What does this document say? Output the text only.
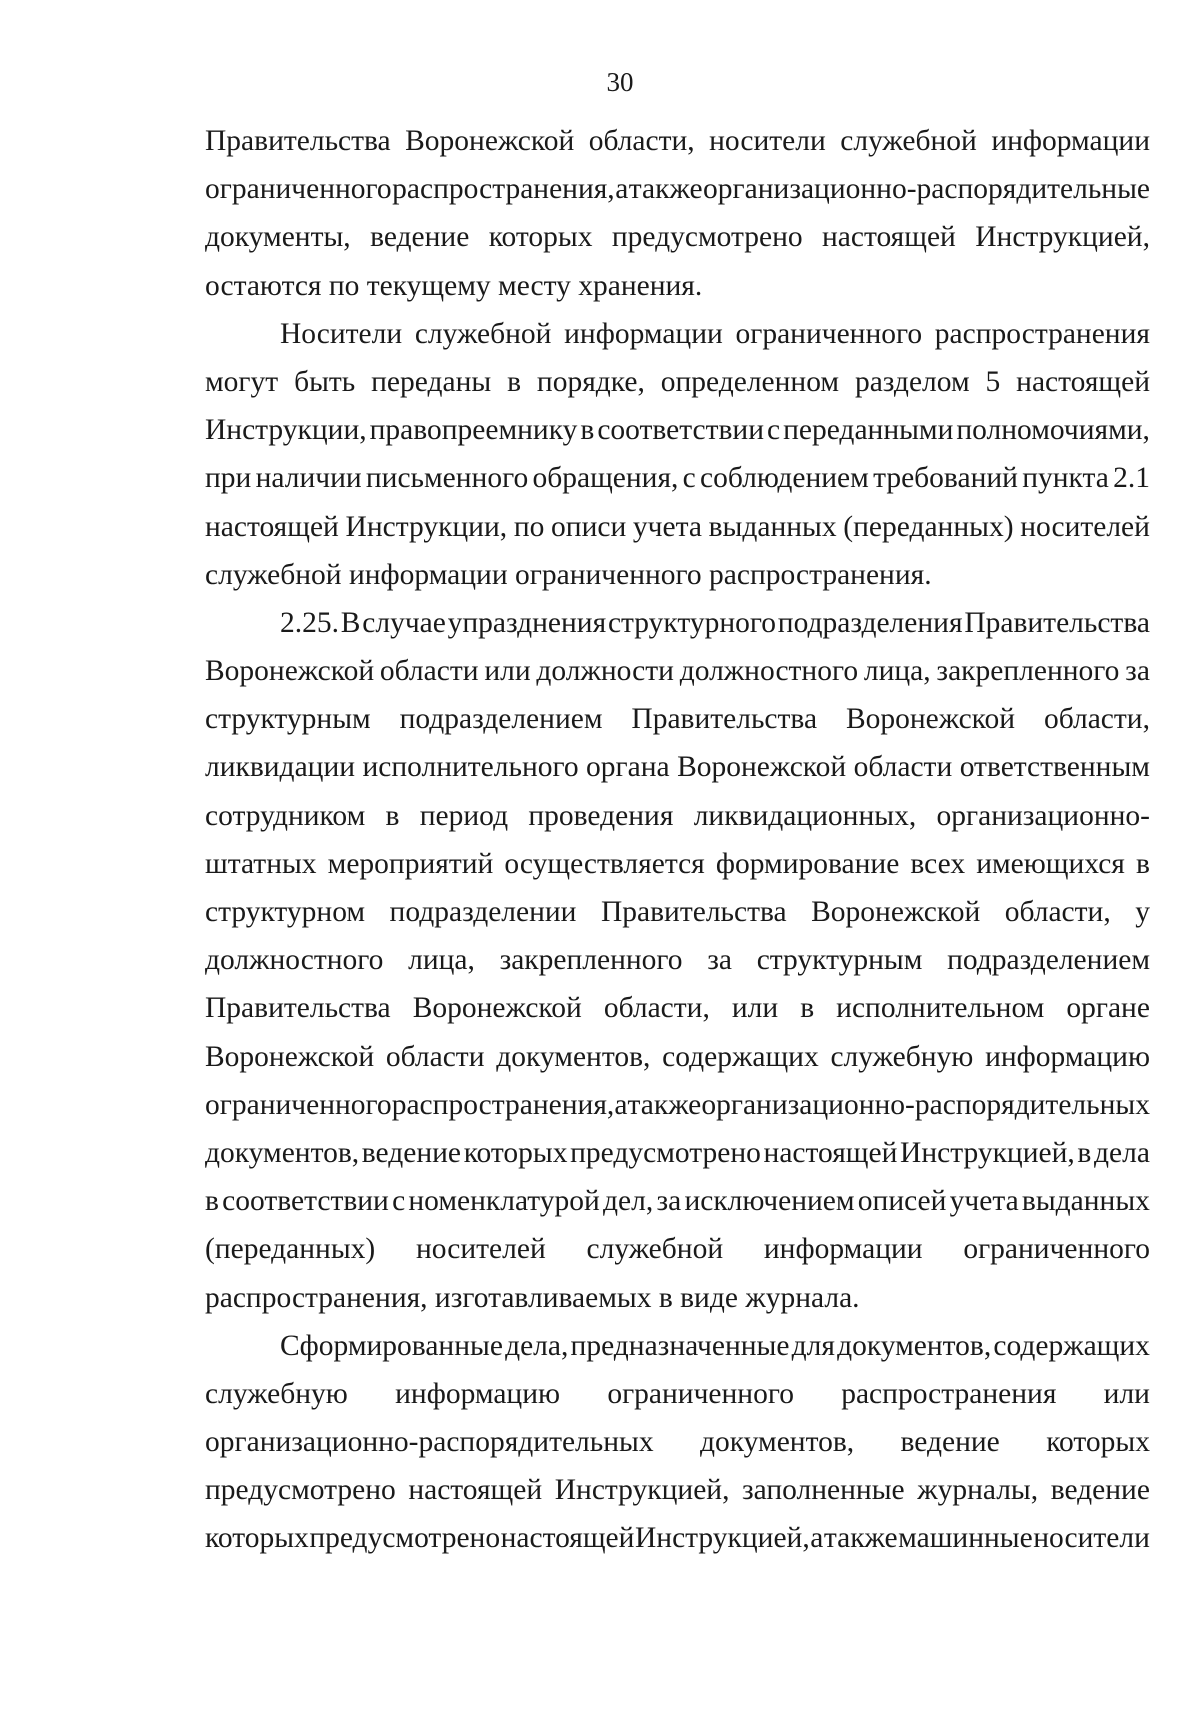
30
Правительства Воронежской области, носители служебной информации
ограниченного распространения, а также организационно-распорядительные
документы, ведение которых предусмотрено настоящей Инструкцией,
остаются по текущему месту хранения.
Носители служебной информации ограниченного распространения
могут быть переданы в порядке, определенном разделом 5 настоящей
Инструкции, правопреемнику в соответствии с переданными полномочиями,
при наличии письменного обращения, с соблюдением требований пункта 2.1
настоящей Инструкции, по описи учета выданных (переданных) носителей
служебной информации ограниченного распространения.
2.25. В случае упразднения структурного подразделения Правительства
Воронежской области или должности должностного лица, закрепленного за
структурным подразделением Правительства Воронежской области,
ликвидации исполнительного органа Воронежской области ответственным
сотрудником в период проведения ликвидационных, организационно-
штатных мероприятий осуществляется формирование всех имеющихся в
структурном подразделении Правительства Воронежской области, у
должностного лица, закрепленного за структурным подразделением
Правительства Воронежской области, или в исполнительном органе
Воронежской области документов, содержащих служебную информацию
ограниченного распространения, а также организационно-распорядительных
документов, ведение которых предусмотрено настоящей Инструкцией, в дела
в соответствии с номенклатурой дел, за исключением описей учета выданных
(переданных) носителей служебной информации ограниченного
распространения, изготавливаемых в виде журнала.
Сформированные дела, предназначенные для документов, содержащих
служебную информацию ограниченного распространения или
организационно-распорядительных документов, ведение которых
предусмотрено настоящей Инструкцией, заполненные журналы, ведение
которых предусмотрено настоящей Инструкцией, а также машинные носители
